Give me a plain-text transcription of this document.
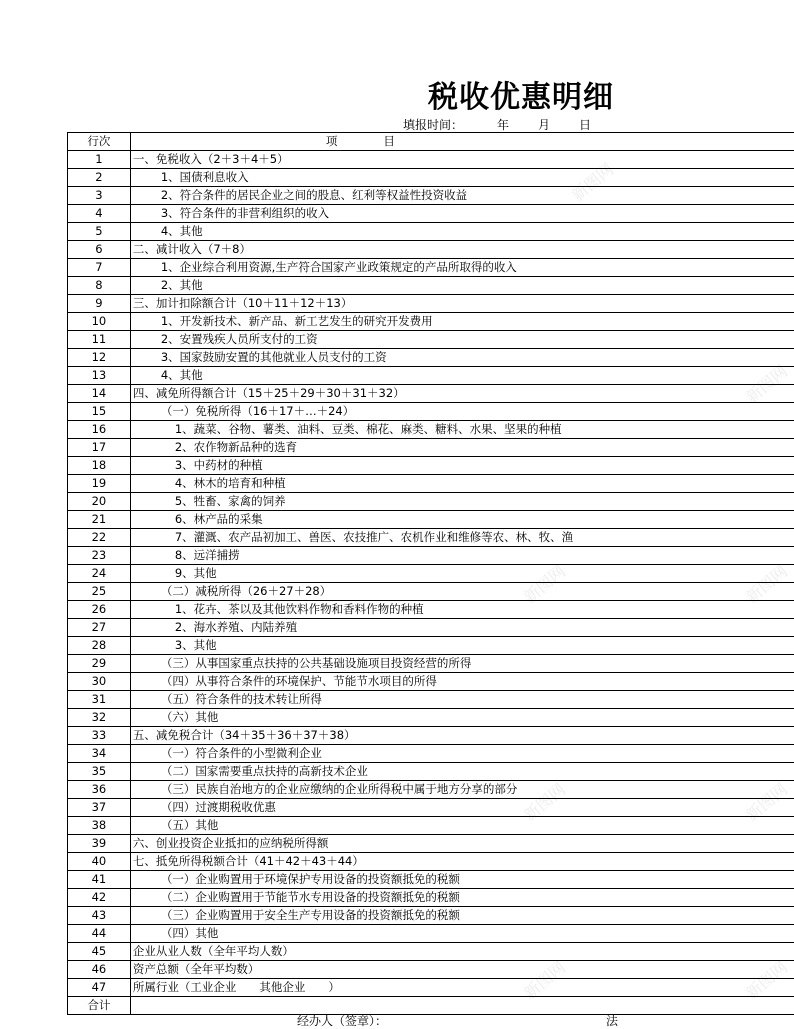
税收优惠明细
填报时间：	年 月 日
行次	项　　　　目
1	一、免税收入（2＋3＋4＋5）
2	1、国债利息收入
3	2、符合条件的居民企业之间的股息、红利等权益性投资收益
4	3、符合条件的非营利组织的收入
5	4、其他
6	二、减计收入（7＋8）
7	1、企业综合利用资源,生产符合国家产业政策规定的产品所取得的收入
8	2、其他
9	三、加计扣除额合计（10＋11＋12＋13）
10	1、开发新技术、新产品、新工艺发生的研究开发费用
11	2、安置残疾人员所支付的工资
12	3、国家鼓励安置的其他就业人员支付的工资
13	4、其他
14	四、减免所得额合计（15＋25＋29＋30＋31＋32）
15	（一）免税所得（16＋17＋…＋24）
16	1、蔬菜、谷物、薯类、油料、豆类、棉花、麻类、糖料、水果、坚果的种植
17	2、农作物新品种的选育
18	3、中药材的种植
19	4、林木的培育和种植
20	5、牲畜、家禽的饲养
21	6、林产品的采集
22	7、灌溉、农产品初加工、兽医、农技推广、农机作业和维修等农、林、牧、渔
23	8、远洋捕捞
24	9、其他
25	（二）减税所得（26＋27＋28）
26	1、花卉、茶以及其他饮料作物和香料作物的种植
27	2、海水养殖、内陆养殖
28	3、其他
29	（三）从事国家重点扶持的公共基础设施项目投资经营的所得
30	（四）从事符合条件的环境保护、节能节水项目的所得
31	（五）符合条件的技术转让所得
32	（六）其他
33	五、减免税合计（34＋35＋36＋37＋38）
34	（一）符合条件的小型微利企业
35	（二）国家需要重点扶持的高新技术企业
36	（三）民族自治地方的企业应缴纳的企业所得税中属于地方分享的部分
37	（四）过渡期税收优惠
38	（五）其他
39	六、创业投资企业抵扣的应纳税所得额
40	七、抵免所得税额合计（41＋42＋43＋44）
41	（一）企业购置用于环境保护专用设备的投资额抵免的税额
42	（二）企业购置用于节能节水专用设备的投资额抵免的税额
43	（三）企业购置用于安全生产专用设备的投资额抵免的税额
44	（四）其他
45	企业从业人数（全年平均人数）
46	资产总额（全年平均数）
47	所属行业（工业企业　　其他企业　　）
合计	
经办人（签章）：	法
新图网
新图网
新图网	新图网
新图网	新图网
新图网
新图网
